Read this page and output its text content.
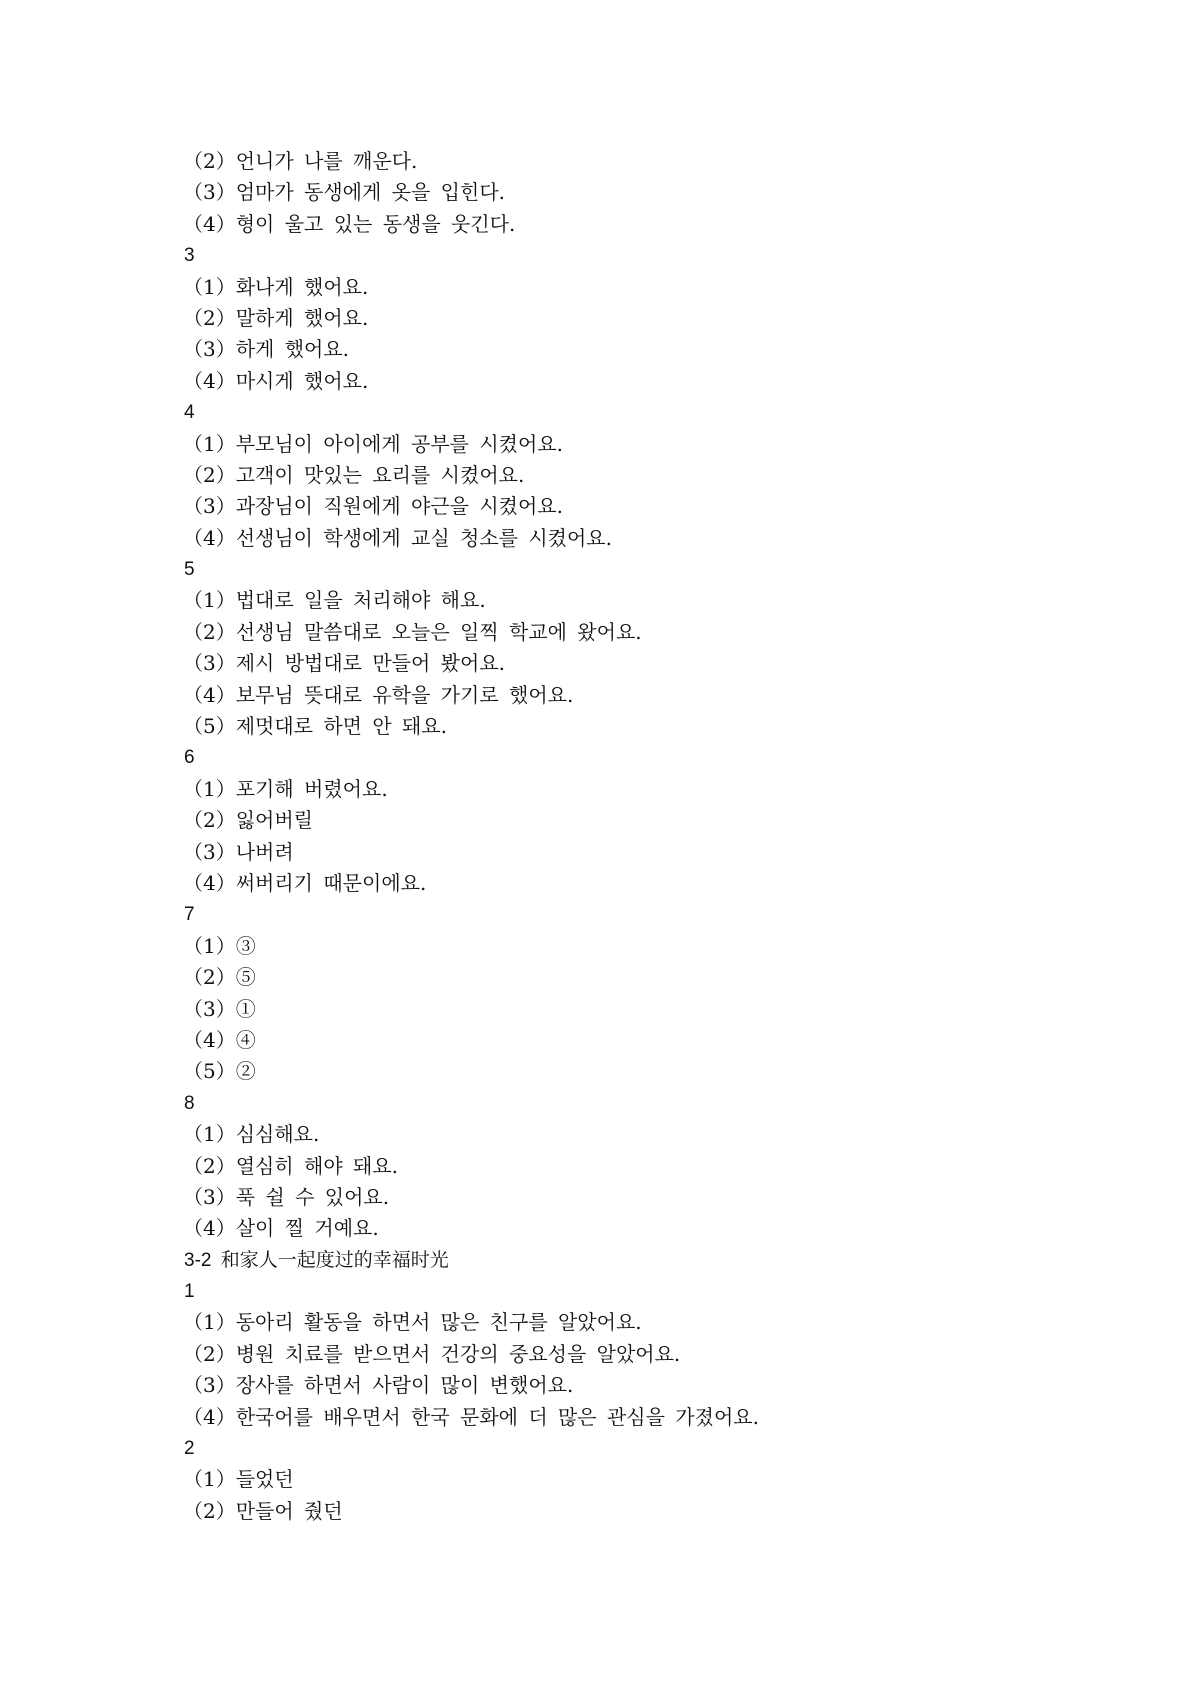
（2）언니가 나를 깨운다.
（3）엄마가 동생에게 옷을 입힌다.
（4）형이 울고 있는 동생을 웃긴다.
3
（1）화나게 했어요.
（2）말하게 했어요.
（3）하게 했어요.
（4）마시게 했어요.
4
（1）부모님이 아이에게 공부를 시켰어요.
（2）고객이 맛있는 요리를 시켰어요.
（3）과장님이 직원에게 야근을 시켰어요.
（4）선생님이 학생에게 교실 청소를 시켰어요.
5
（1）법대로 일을 처리해야 해요.
（2）선생님 말씀대로 오늘은 일찍 학교에 왔어요.
（3）제시 방법대로 만들어 봤어요.
（4）보무님 뜻대로 유학을 가기로 했어요.
（5）제멋대로 하면 안 돼요.
6
（1）포기해 버렸어요.
（2）잃어버릴
（3）나버려
（4）써버리기 때문이에요.
7
（1）③
（2）⑤
（3）①
（4）④
（5）②
8
（1）심심해요.
（2）열심히 해야 돼요.
（3）푹 쉴 수 있어요.
（4）살이 찔 거예요.
3-2 和家人一起度过的幸福时光
1
（1）동아리 활동을 하면서 많은 친구를 알았어요.
（2）병원 치료를 받으면서 건강의 중요성을 알았어요.
（3）장사를 하면서 사람이 많이 변했어요.
（4）한국어를 배우면서 한국 문화에 더 많은 관심을 가졌어요.
2
（1）들었던
（2）만들어 줬던
